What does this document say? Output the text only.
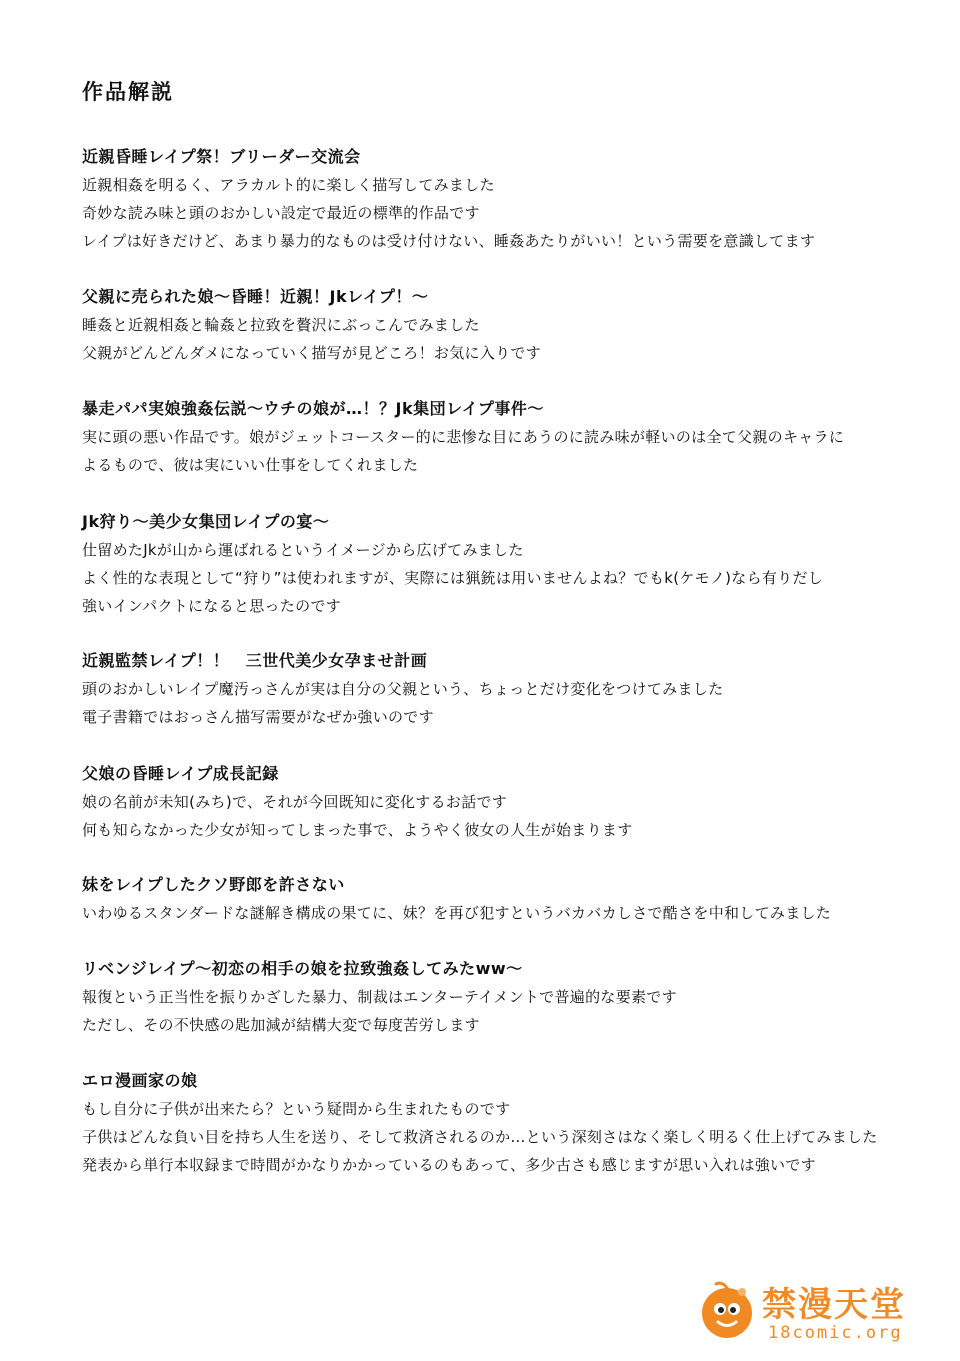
作品解説
近親昏睡レイプ祭！ブリーダー交流会
近親相姦を明るく、アラカルト的に楽しく描写してみました
奇妙な読み味と頭のおかしい設定で最近の標準的作品です
レイプは好きだけど、あまり暴力的なものは受け付けない、睡姦あたりがいい！という需要を意識してます
父親に売られた娘～昏睡！近親！Jkレイプ！～
睡姦と近親相姦と輪姦と拉致を贅沢にぶっこんでみました
父親がどんどんダメになっていく描写が見どころ！お気に入りです
暴走パパ実娘強姦伝説～ウチの娘が…！？Jk集団レイプ事件～
実に頭の悪い作品です。娘がジェットコースター的に悲惨な目にあうのに読み味が軽いのは全て父親のキャラに
よるもので、彼は実にいい仕事をしてくれました
Jk狩り～美少女集団レイプの宴～
仕留めたJkが山から運ばれるというイメージから広げてみました
よく性的な表現として“狩り”は使われますが、実際には猟銃は用いませんよね？でもk(ケモノ)なら有りだし
強いインパクトになると思ったのです
近親監禁レイプ！！　三世代美少女孕ませ計画
頭のおかしいレイプ魔汚っさんが実は自分の父親という、ちょっとだけ変化をつけてみました
電子書籍ではおっさん描写需要がなぜか強いのです
父娘の昏睡レイプ成長記録
娘の名前が未知(みち)で、それが今回既知に変化するお話です
何も知らなかった少女が知ってしまった事で、ようやく彼女の人生が始まります
妹をレイプしたクソ野郎を許さない
いわゆるスタンダードな謎解き構成の果てに、妹？を再び犯すというバカバカしさで酷さを中和してみました
リベンジレイプ～初恋の相手の娘を拉致強姦してみたww～
報復という正当性を振りかざした暴力、制裁はエンターテイメントで普遍的な要素です
ただし、その不快感の匙加減が結構大変で毎度苦労します
エロ漫画家の娘
もし自分に子供が出来たら？という疑問から生まれたものです
子供はどんな負い目を持ち人生を送り、そして救済されるのか…という深刻さはなく楽しく明るく仕上げてみました
発表から単行本収録まで時間がかなりかかっているのもあって、多少古さも感じますが思い入れは強いです
禁漫天堂
18comic.org
